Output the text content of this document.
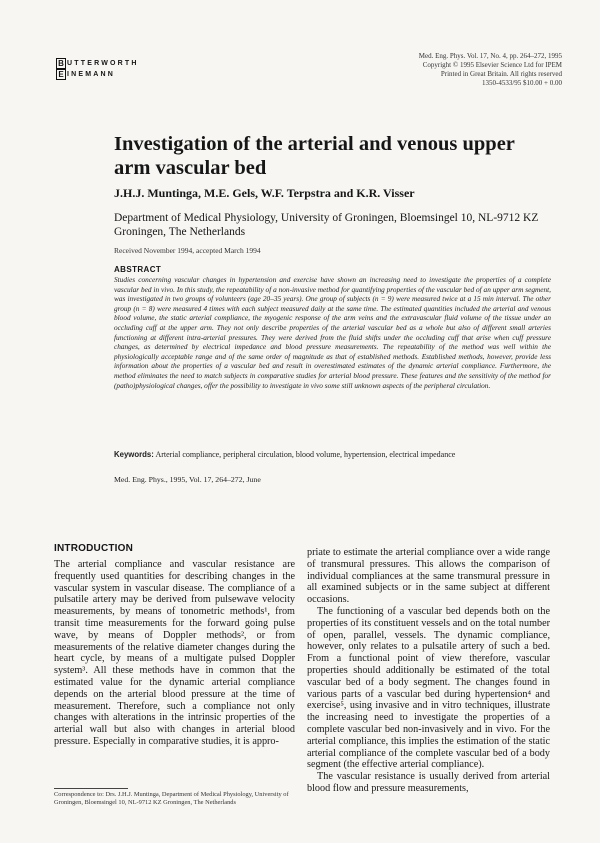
B UTTERWORTH
E INEMANN
Med. Eng. Phys. Vol. 17, No. 4, pp. 264–272, 1995
Copyright © 1995 Elsevier Science Ltd for IPEM
Printed in Great Britain. All rights reserved
1350-4533/95 $10.00 + 0.00
Investigation of the arterial and venous upper arm vascular bed
J.H.J. Muntinga, M.E. Gels, W.F. Terpstra and K.R. Visser
Department of Medical Physiology, University of Groningen, Bloemsingel 10, NL-9712 KZ Groningen, The Netherlands
Received November 1994, accepted March 1994
ABSTRACT
Studies concerning vascular changes in hypertension and exercise have shown an increasing need to investigate the properties of a complete vascular bed in vivo. In this study, the repeatability of a non-invasive method for quantifying properties of the vascular bed of an upper arm segment, was investigated in two groups of volunteers (age 20–35 years). One group of subjects (n = 9) were measured twice at a 15 min interval. The other group (n = 8) were measured 4 times with each subject measured daily at the same time. The estimated quantities included the arterial and venous blood volume, the static arterial compliance, the myogenic response of the arm veins and the extravascular fluid volume of the tissue under an occluding cuff at the upper arm. They not only describe properties of the arterial vascular bed as a whole but also of different small arteries functioning at different intra-arterial pressures. They were derived from the fluid shifts under the occluding cuff that arise when cuff pressure changes, as determined by electrical impedance and blood pressure measurements. The repeatability of the method was well within the physiologically acceptable range and of the same order of magnitude as that of established methods. Established methods, however, provide less information about the properties of a vascular bed and result in overestimated estimates of the dynamic arterial compliance. Furthermore, the method eliminates the need to match subjects in comparative studies for arterial blood pressure. These features and the sensitivity of the method for (patho)physiological changes, offer the possibility to investigate in vivo some still unknown aspects of the peripheral circulation.
Keywords: Arterial compliance, peripheral circulation, blood volume, hypertension, electrical impedance
Med. Eng. Phys., 1995, Vol. 17, 264–272, June
INTRODUCTION

The arterial compliance and vascular resistance are frequently used quantities for describing changes in the vascular system in vascular disease. The compliance of a pulsatile artery may be derived from pulsewave velocity measurements, by means of tonometric methods¹, from transit time measurements for the forward going pulse wave, by means of Doppler methods², or from measurements of the relative diameter changes during the heart cycle, by means of a multigate pulsed Doppler system³. All these methods have in common that the estimated value for the dynamic arterial compliance depends on the arterial blood pressure at the time of measurement. Therefore, such a compliance not only changes with alterations in the intrinsic properties of the arterial wall but also with changes in arterial blood pressure. Especially in comparative studies, it is appro-

priate to estimate the arterial compliance over a wide range of transmural pressures. This allows the comparison of individual compliances at the same transmural pressure in all examined subjects or in the same subject at different occasions.

The functioning of a vascular bed depends both on the properties of its constituent vessels and on the total number of open, parallel, vessels. The dynamic compliance, however, only relates to a pulsatile artery of such a bed. From a functional point of view therefore, vascular properties should additionally be estimated of the total vascular bed of a body segment. The changes found in various parts of a vascular bed during hypertension⁴ and exercise⁵, using invasive and in vitro techniques, illustrate the increasing need to investigate the properties of a complete vascular bed non-invasively and in vivo. For the arterial compliance, this implies the estimation of the static arterial compliance of the complete vascular bed of a body segment (the effective arterial compliance).

The vascular resistance is usually derived from arterial blood flow and pressure measurements,

Correspondence to: Drs. J.H.J. Muntinga, Department of Medical Physiology, University of Groningen, Bloemsingel 10, NL-9712 KZ Groningen, The Netherlands
